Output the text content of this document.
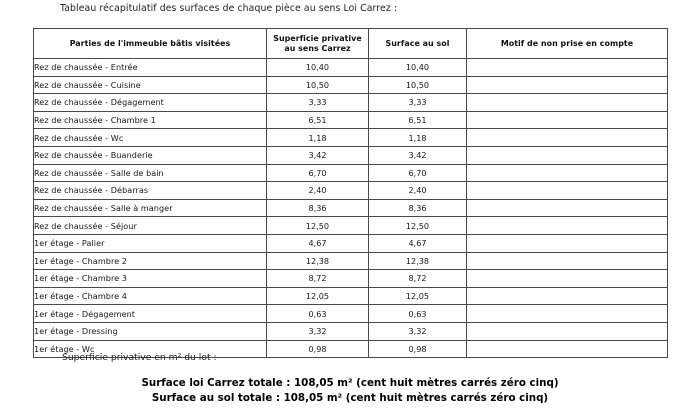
Tableau récapitulatif des surfaces de chaque pièce au sens Loi Carrez :
Parties de l'immeuble bâtis visitées	Superficie privative au sens Carrez	Surface au sol	Motif de non prise en compte
Rez de chaussée - Entrée	10,40	10,40	
Rez de chaussée - Cuisine	10,50	10,50	
Rez de chaussée - Dégagement	3,33	3,33	
Rez de chaussée - Chambre 1	6,51	6,51	
Rez de chaussée - Wc	1,18	1,18	
Rez de chaussée - Buanderie	3,42	3,42	
Rez de chaussée - Salle de bain	6,70	6,70	
Rez de chaussée - Débarras	2,40	2,40	
Rez de chaussée - Salle à manger	8,36	8,36	
Rez de chaussée - Séjour	12,50	12,50	
1er étage - Palier	4,67	4,67	
1er étage - Chambre 2	12,38	12,38	
1er étage - Chambre 3	8,72	8,72	
1er étage - Chambre 4	12,05	12,05	
1er étage - Dégagement	0,63	0,63	
1er étage - Dressing	3,32	3,32	
1er étage - Wc	0,98	0,98	
Superficie privative en m² du lot :
Surface loi Carrez totale : 108,05 m² (cent huit mètres carrés zéro cinq)
Surface au sol totale : 108,05 m² (cent huit mètres carrés zéro cinq)
